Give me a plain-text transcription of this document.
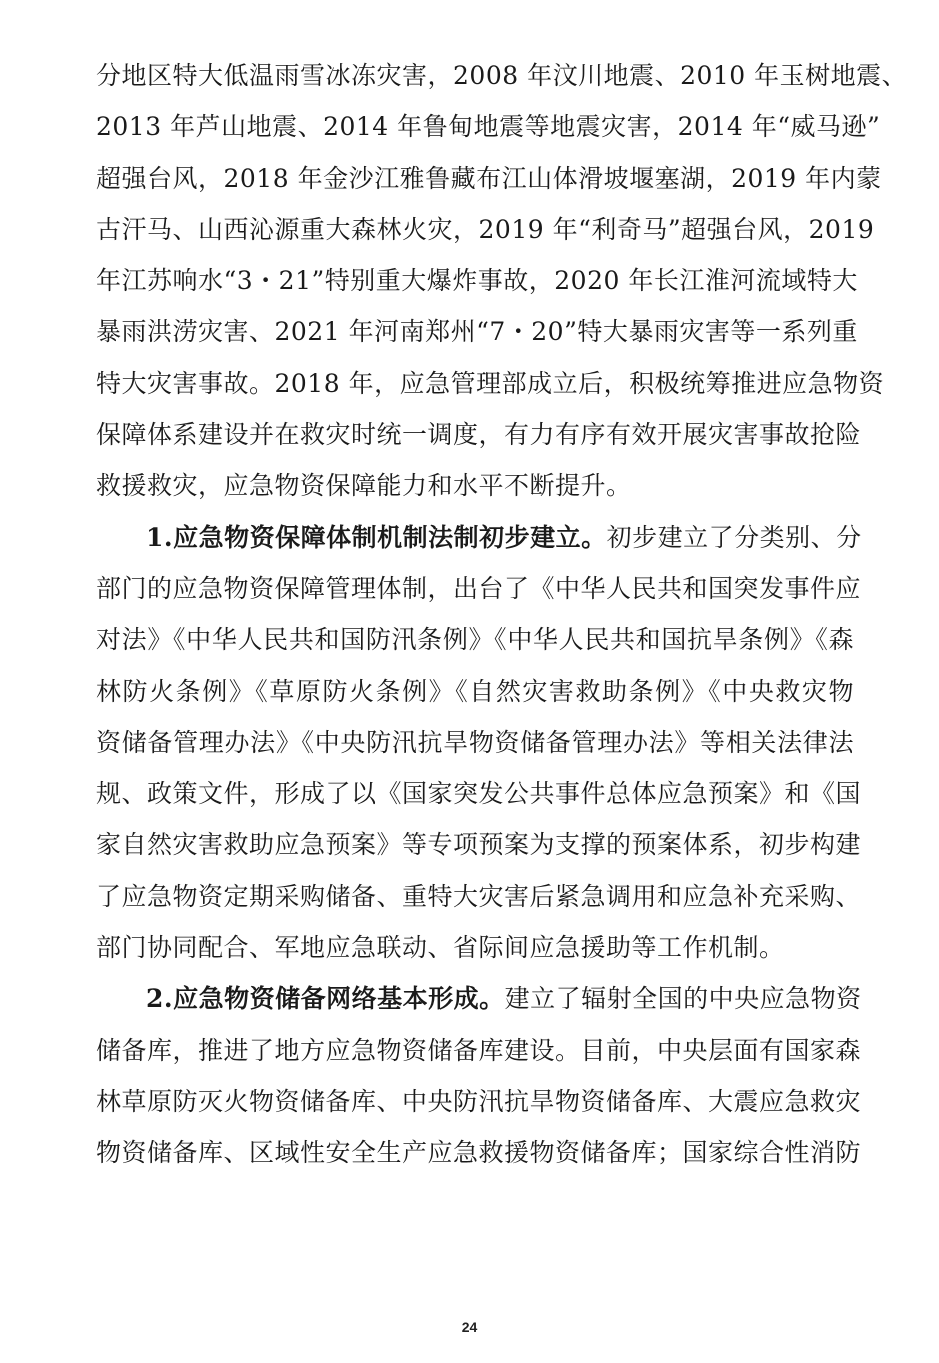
分地区特大低温雨雪冰冻灾害，2008 年汶川地震、2010 年玉树地震、
2013 年芦山地震、2014 年鲁甸地震等地震灾害，2014 年“威马逊”
超强台风，2018 年金沙江雅鲁藏布江山体滑坡堰塞湖，2019 年内蒙
古汗马、山西沁源重大森林火灾，2019 年“利奇马”超强台风，2019
年江苏响水“3・21”特别重大爆炸事故，2020 年长江淮河流域特大
暴雨洪涝灾害、2021 年河南郑州“7・20”特大暴雨灾害等一系列重
特大灾害事故。2018 年，应急管理部成立后，积极统筹推进应急物资
保障体系建设并在救灾时统一调度，有力有序有效开展灾害事故抢险
救援救灾，应急物资保障能力和水平不断提升。
1.应急物资保障体制机制法制初步建立。初步建立了分类别、分
部门的应急物资保障管理体制，出台了《中华人民共和国突发事件应
对法》《中华人民共和国防汛条例》《中华人民共和国抗旱条例》《森
林防火条例》《草原防火条例》《自然灾害救助条例》《中央救灾物
资储备管理办法》《中央防汛抗旱物资储备管理办法》等相关法律法
规、政策文件，形成了以《国家突发公共事件总体应急预案》和《国
家自然灾害救助应急预案》等专项预案为支撑的预案体系，初步构建
了应急物资定期采购储备、重特大灾害后紧急调用和应急补充采购、
部门协同配合、军地应急联动、省际间应急援助等工作机制。
2.应急物资储备网络基本形成。建立了辐射全国的中央应急物资
储备库，推进了地方应急物资储备库建设。目前，中央层面有国家森
林草原防灭火物资储备库、中央防汛抗旱物资储备库、大震应急救灾
物资储备库、区域性安全生产应急救援物资储备库；国家综合性消防
24
